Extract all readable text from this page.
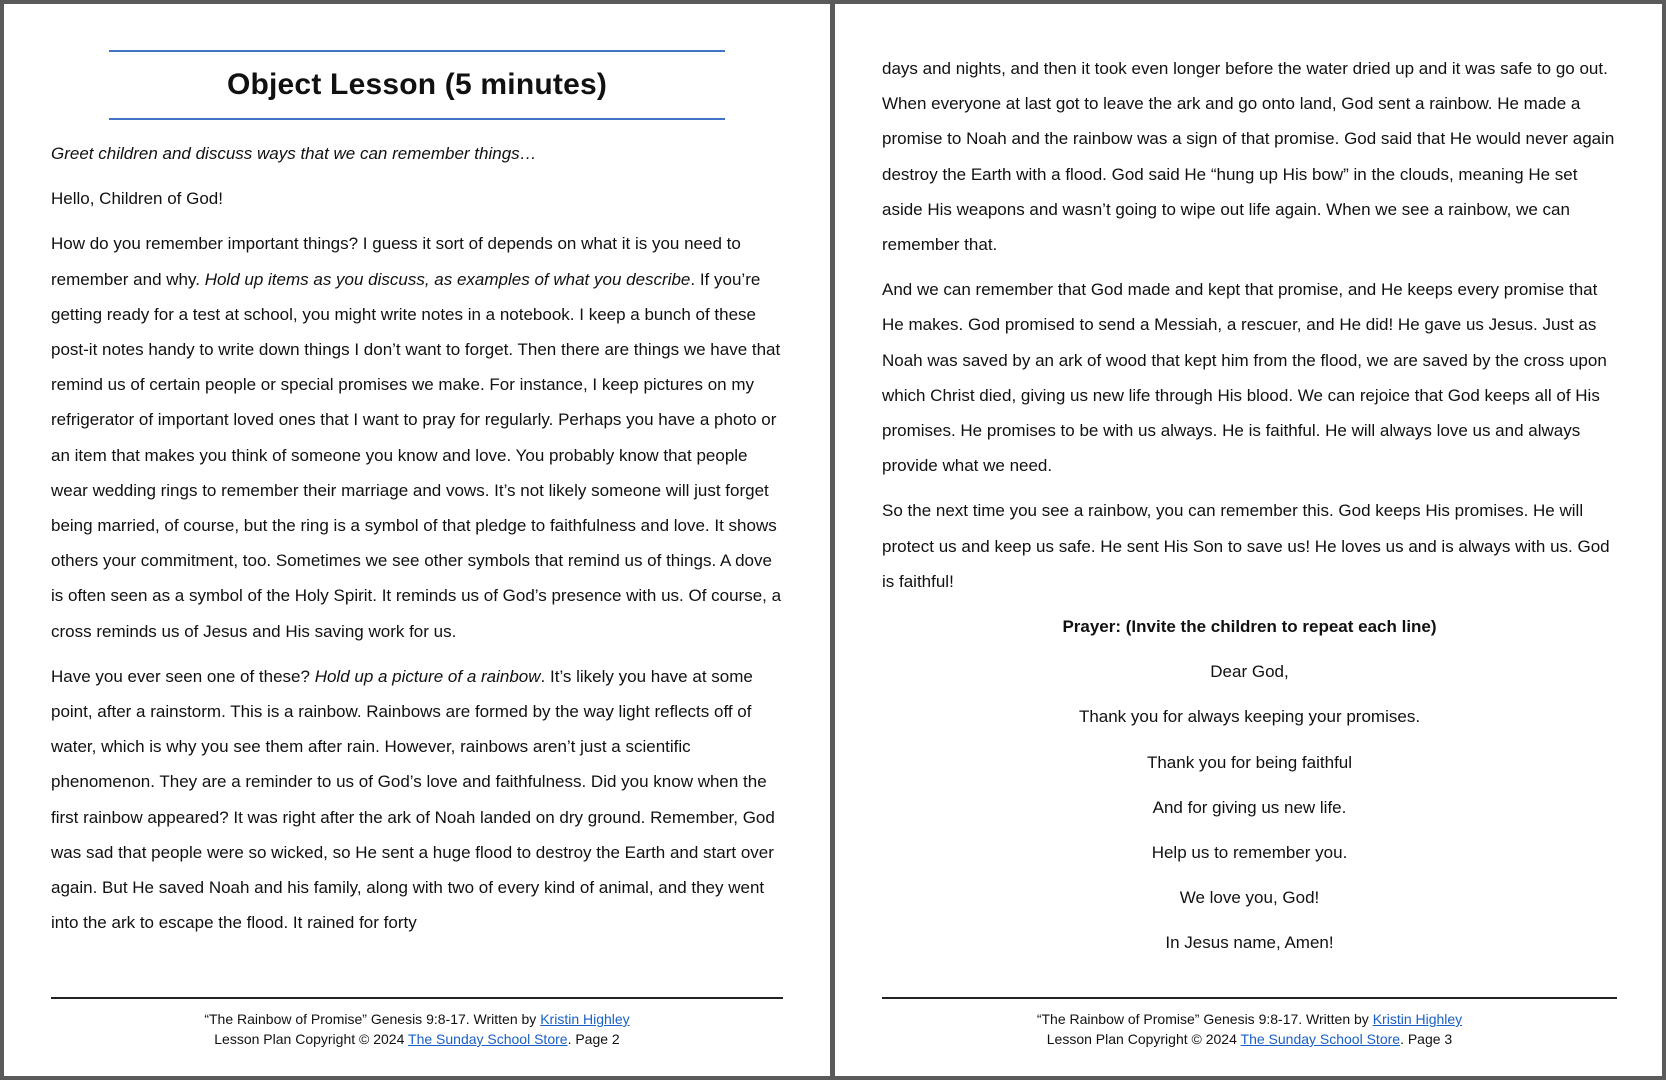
Object Lesson (5 minutes)

Greet children and discuss ways that we can remember things…

Hello, Children of God!

How do you remember important things? I guess it sort of depends on what it is you need to remember and why. Hold up items as you discuss, as examples of what you describe. If you’re getting ready for a test at school, you might write notes in a notebook. I keep a bunch of these post-it notes handy to write down things I don’t want to forget. Then there are things we have that remind us of certain people or special promises we make. For instance, I keep pictures on my refrigerator of important loved ones that I want to pray for regularly. Perhaps you have a photo or an item that makes you think of someone you know and love. You probably know that people wear wedding rings to remember their marriage and vows. It’s not likely someone will just forget being married, of course, but the ring is a symbol of that pledge to faithfulness and love. It shows others your commitment, too. Sometimes we see other symbols that remind us of things. A dove is often seen as a symbol of the Holy Spirit. It reminds us of God’s presence with us. Of course, a cross reminds us of Jesus and His saving work for us.

Have you ever seen one of these? Hold up a picture of a rainbow. It’s likely you have at some point, after a rainstorm. This is a rainbow. Rainbows are formed by the way light reflects off of water, which is why you see them after rain. However, rainbows aren’t just a scientific phenomenon. They are a reminder to us of God’s love and faithfulness. Did you know when the first rainbow appeared? It was right after the ark of Noah landed on dry ground. Remember, God was sad that people were so wicked, so He sent a huge flood to destroy the Earth and start over again. But He saved Noah and his family, along with two of every kind of animal, and they went into the ark to escape the flood. It rained for forty

“The Rainbow of Promise” Genesis 9:8-17. Written by Kristin Highley
Lesson Plan Copyright © 2024 The Sunday School Store. Page 2

days and nights, and then it took even longer before the water dried up and it was safe to go out. When everyone at last got to leave the ark and go onto land, God sent a rainbow. He made a promise to Noah and the rainbow was a sign of that promise. God said that He would never again destroy the Earth with a flood. God said He “hung up His bow” in the clouds, meaning He set aside His weapons and wasn’t going to wipe out life again. When we see a rainbow, we can remember that.

And we can remember that God made and kept that promise, and He keeps every promise that He makes. God promised to send a Messiah, a rescuer, and He did! He gave us Jesus. Just as Noah was saved by an ark of wood that kept him from the flood, we are saved by the cross upon which Christ died, giving us new life through His blood. We can rejoice that God keeps all of His promises. He promises to be with us always. He is faithful. He will always love us and always provide what we need.

So the next time you see a rainbow, you can remember this. God keeps His promises. He will protect us and keep us safe. He sent His Son to save us! He loves us and is always with us. God is faithful!

Prayer: (Invite the children to repeat each line)

Dear God,

Thank you for always keeping your promises.

Thank you for being faithful

And for giving us new life.

Help us to remember you.

We love you, God!

In Jesus name, Amen!

“The Rainbow of Promise” Genesis 9:8-17. Written by Kristin Highley
Lesson Plan Copyright © 2024 The Sunday School Store. Page 3
